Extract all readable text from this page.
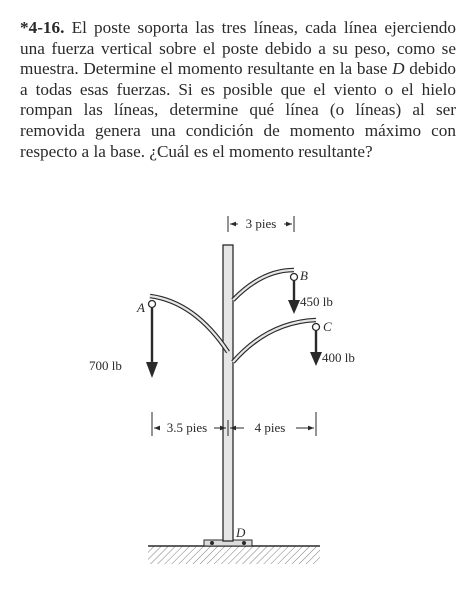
*4-16. El poste soporta las tres líneas, cada línea ejerciendo una fuerza vertical sobre el poste debido a su peso, como se muestra. Determine el momento resultante en la base D debido a todas esas fuerzas. Si es posible que el viento o el hielo rompan las líneas, determine qué línea (o líneas) al ser removida genera una condición de momento máximo con respecto a la base. ¿Cuál es el momento resultante?

3 pies
3.5 pies	4 pies
A
B
C
D
700 lb
450 lb
400 lb
